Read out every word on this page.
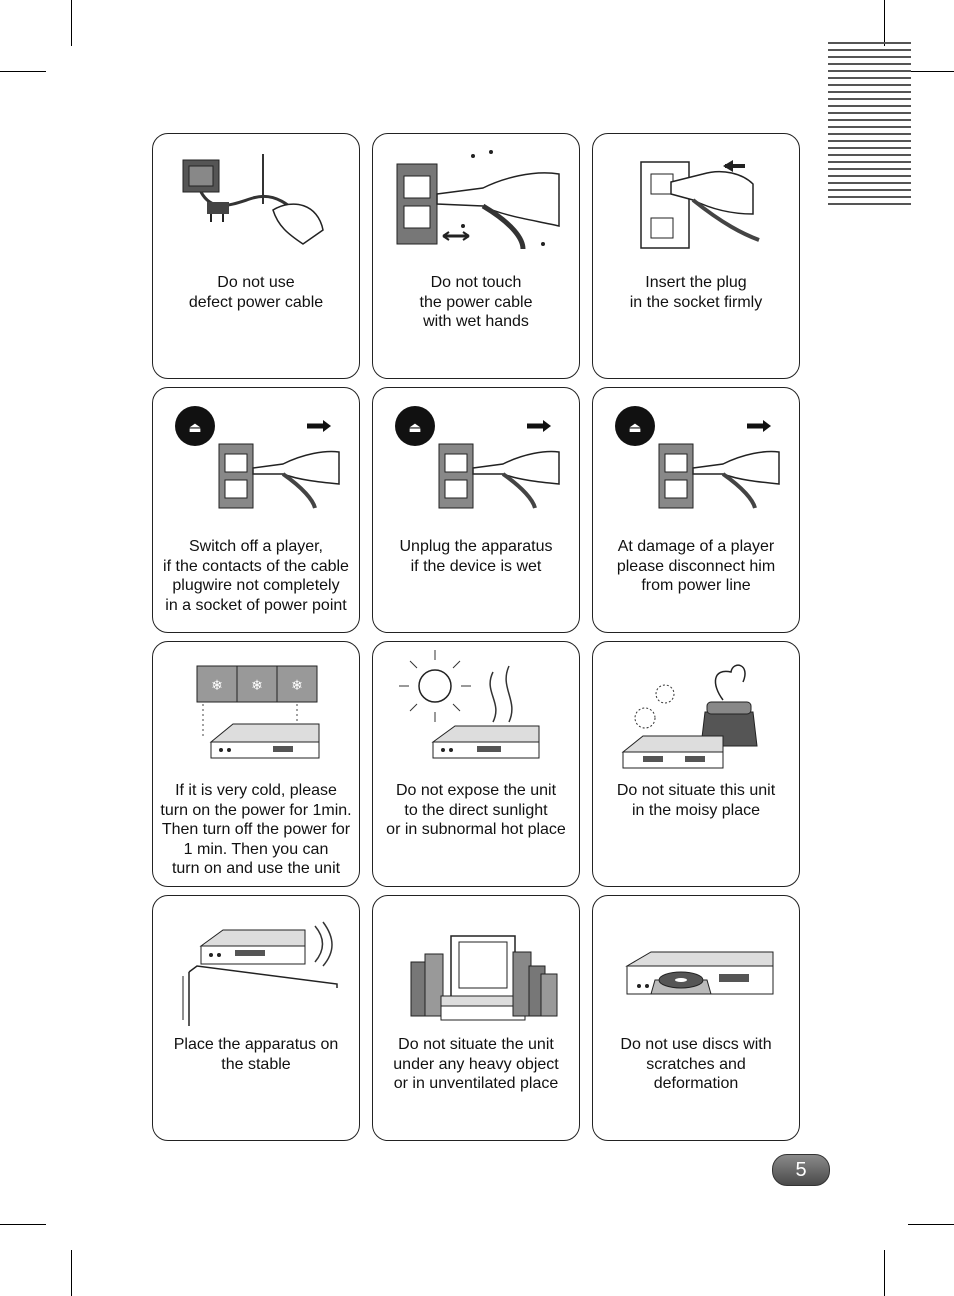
Do not use
defect power cable
Do not touch
the power cable
with wet hands
Insert the plug
in the socket firmly
⏏
Switch off a player,
if the contacts of the cable
plugwire not completely
in a socket of power point
⏏
Unplug the apparatus
if the device is wet
⏏
At damage of a player
please disconnect him
from power line
❄ ❄ ❄
If it is very cold, please
turn on the power for 1min.
Then turn off the power for
1 min. Then you can
turn on and use the unit
Do not expose the unit
to the direct sunlight
or in subnormal hot place
Do not situate this unit
in the moisy place
Place the apparatus on
the stable
Do not situate the unit
under any heavy object
or in unventilated place
Do not use discs with
scratches and
deformation
5
